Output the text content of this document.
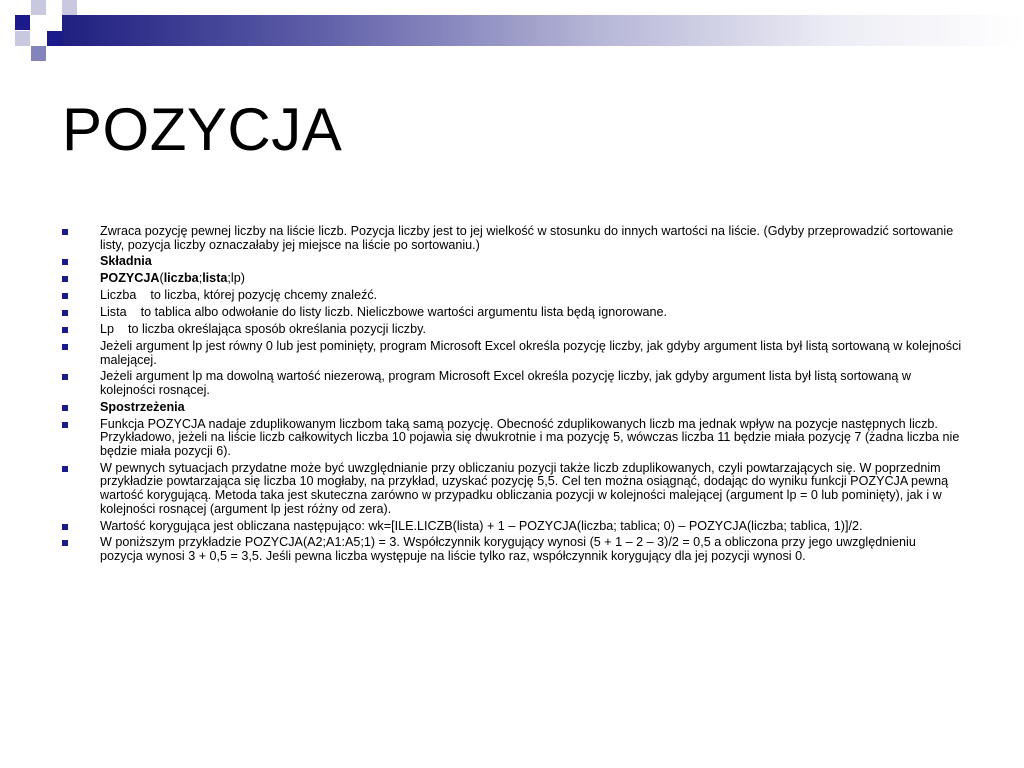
POZYCJA
Zwraca pozycję pewnej liczby na liście liczb. Pozycja liczby jest to jej wielkość w stosunku do innych wartości na liście. (Gdyby przeprowadzić sortowanie listy, pozycja liczby oznaczałaby jej miejsce na liście po sortowaniu.)
Składnia
POZYCJA(liczba;lista;lp)
Liczba    to liczba, której pozycję chcemy znaleźć.
Lista    to tablica albo odwołanie do listy liczb. Nieliczbowe wartości argumentu lista będą ignorowane.
Lp    to liczba określająca sposób określania pozycji liczby.
Jeżeli argument lp jest równy 0 lub jest pominięty, program Microsoft Excel określa pozycję liczby, jak gdyby argument lista był listą sortowaną w kolejności malejącej.
Jeżeli argument lp ma dowolną wartość niezerową, program Microsoft Excel określa pozycję liczby, jak gdyby argument lista był listą sortowaną w kolejności rosnącej.
Spostrzeżenia
Funkcja POZYCJA nadaje zduplikowanym liczbom taką samą pozycję. Obecność zduplikowanych liczb ma jednak wpływ na pozycje następnych liczb. Przykładowo, jeżeli na liście liczb całkowitych liczba 10 pojawia się dwukrotnie i ma pozycję 5, wówczas liczba 11 będzie miała pozycję 7 (żadna liczba nie będzie miała pozycji 6).
W pewnych sytuacjach przydatne może być uwzględnianie przy obliczaniu pozycji także liczb zduplikowanych, czyli powtarzających się. W poprzednim przykładzie powtarzająca się liczba 10 mogłaby, na przykład, uzyskać pozycję 5,5. Cel ten można osiągnąć, dodając do wyniku funkcji POZYCJA pewną wartość korygującą. Metoda taka jest skuteczna zarówno w przypadku obliczania pozycji w kolejności malejącej (argument lp = 0 lub pominięty), jak i w kolejności rosnącej (argument lp jest różny od zera).
Wartość korygująca jest obliczana następująco: wk=[ILE.LICZB(lista) + 1 – POZYCJA(liczba; tablica; 0) – POZYCJA(liczba; tablica, 1)]/2.
W poniższym przykładzie POZYCJA(A2;A1:A5;1) = 3. Współczynnik korygujący wynosi (5 + 1 – 2 – 3)/2 = 0,5 a obliczona przy jego uwzględnieniu pozycja wynosi 3 + 0,5 = 3,5. Jeśli pewna liczba występuje na liście tylko raz, współczynnik korygujący dla jej pozycji wynosi 0.
